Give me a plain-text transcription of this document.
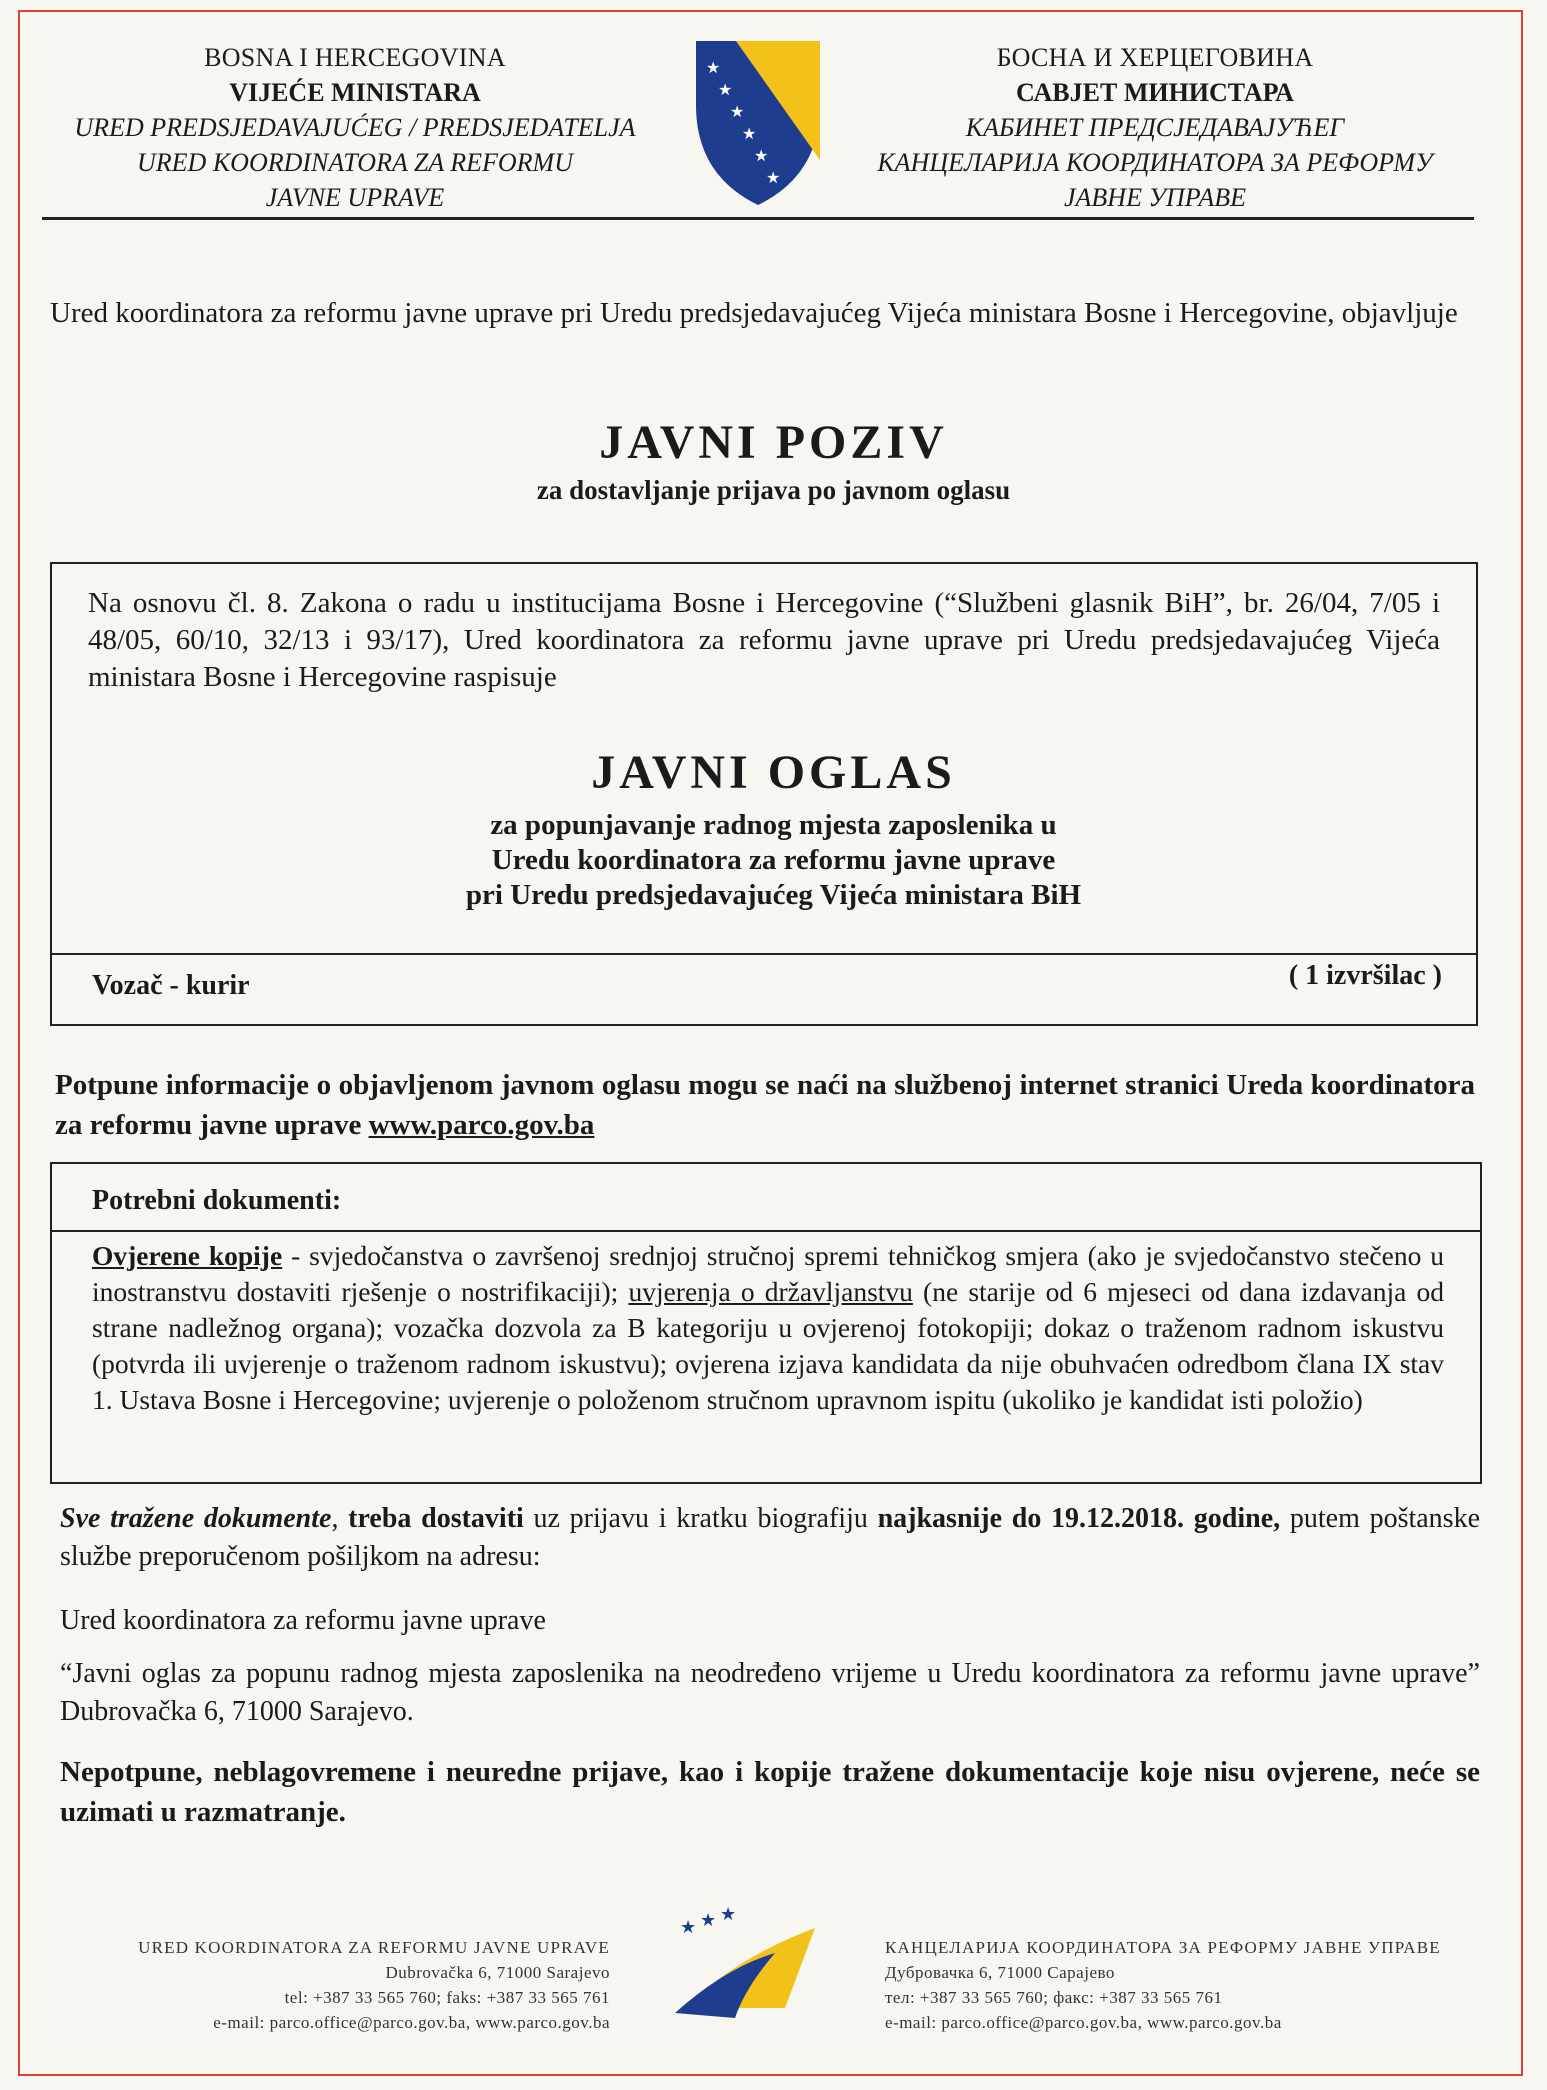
BOSNA I HERCEGOVINA
VIJEĆE MINISTARA
URED PREDSJEDAVAJUĆEG / PREDSJEDATELJA
URED KOORDINATORA ZA REFORMU
JAVNE UPRAVE
★
★
★
★
★
★
БОСНА И ХЕРЦЕГОВИНА
САВЈЕТ МИНИСТАРА
КАБИНЕТ ПРЕДСЈЕДАВАЈУЋЕГ
КАНЦЕЛАРИЈА КООРДИНАТОРА ЗА РЕФОРМУ
ЈАВНЕ УПРАВЕ
Ured koordinatora za reformu javne uprave pri Uredu predsjedavajućeg Vijeća ministara Bosne i Hercegovine, objavljuje
JAVNI POZIV
za dostavljanje prijava po javnom oglasu
Na osnovu čl. 8. Zakona o radu u institucijama Bosne i Hercegovine (“Službeni glasnik BiH”, br. 26/04, 7/05 i 48/05, 60/10, 32/13 i 93/17), Ured koordinatora za reformu javne uprave pri Uredu predsjedavajućeg Vijeća ministara Bosne i Hercegovine raspisuje
JAVNI OGLAS
za popunjavanje radnog mjesta zaposlenika u
Uredu koordinatora za reformu javne uprave
pri Uredu predsjedavajućeg Vijeća ministara BiH
Vozač - kurir	( 1 izvršilac )
Potpune informacije o objavljenom javnom oglasu mogu se naći na službenoj internet stranici Ureda koordinatora za reformu javne uprave www.parco.gov.ba
Potrebni dokumenti:
Ovjerene kopije - svjedočanstva o završenoj srednjoj stručnoj spremi tehničkog smjera (ako je svjedočanstvo stečeno u inostranstvu dostaviti rješenje o nostrifikaciji); uvjerenja o državljanstvu (ne starije od 6 mjeseci od dana izdavanja od strane nadležnog organa); vozačka dozvola za B kategoriju u ovjerenoj fotokopiji; dokaz o traženom radnom iskustvu (potvrda ili uvjerenje o traženom radnom iskustvu); ovjerena izjava kandidata da nije obuhvaćen odredbom člana IX stav 1. Ustava Bosne i Hercegovine; uvjerenje o položenom stručnom upravnom ispitu (ukoliko je kandidat isti položio)
Sve tražene dokumente, treba dostaviti uz prijavu i kratku biografiju najkasnije do 19.12.2018. godine, putem poštanske službe preporučenom pošiljkom na adresu:
Ured koordinatora za reformu javne uprave
“Javni oglas za popunu radnog mjesta zaposlenika na neodređeno vrijeme u Uredu koordinatora za reformu javne uprave” Dubrovačka 6, 71000 Sarajevo.
Nepotpune, neblagovremene i neuredne prijave, kao i kopije tražene dokumentacije koje nisu ovjerene, neće se uzimati u razmatranje.
URED KOORDINATORA ZA REFORMU JAVNE UPRAVE
Dubrovačka 6, 71000 Sarajevo
tel: +387 33 565 760; faks: +387 33 565 761
e-mail: parco.office@parco.gov.ba, www.parco.gov.ba
★ ★ ★
КАНЦЕЛАРИЈА КООРДИНАТОРА ЗА РЕФОРМУ ЈАВНЕ УПРАВЕ
Дубровачка 6, 71000 Сарајево
тел: +387 33 565 760; факс: +387 33 565 761
e-mail: parco.office@parco.gov.ba, www.parco.gov.ba
